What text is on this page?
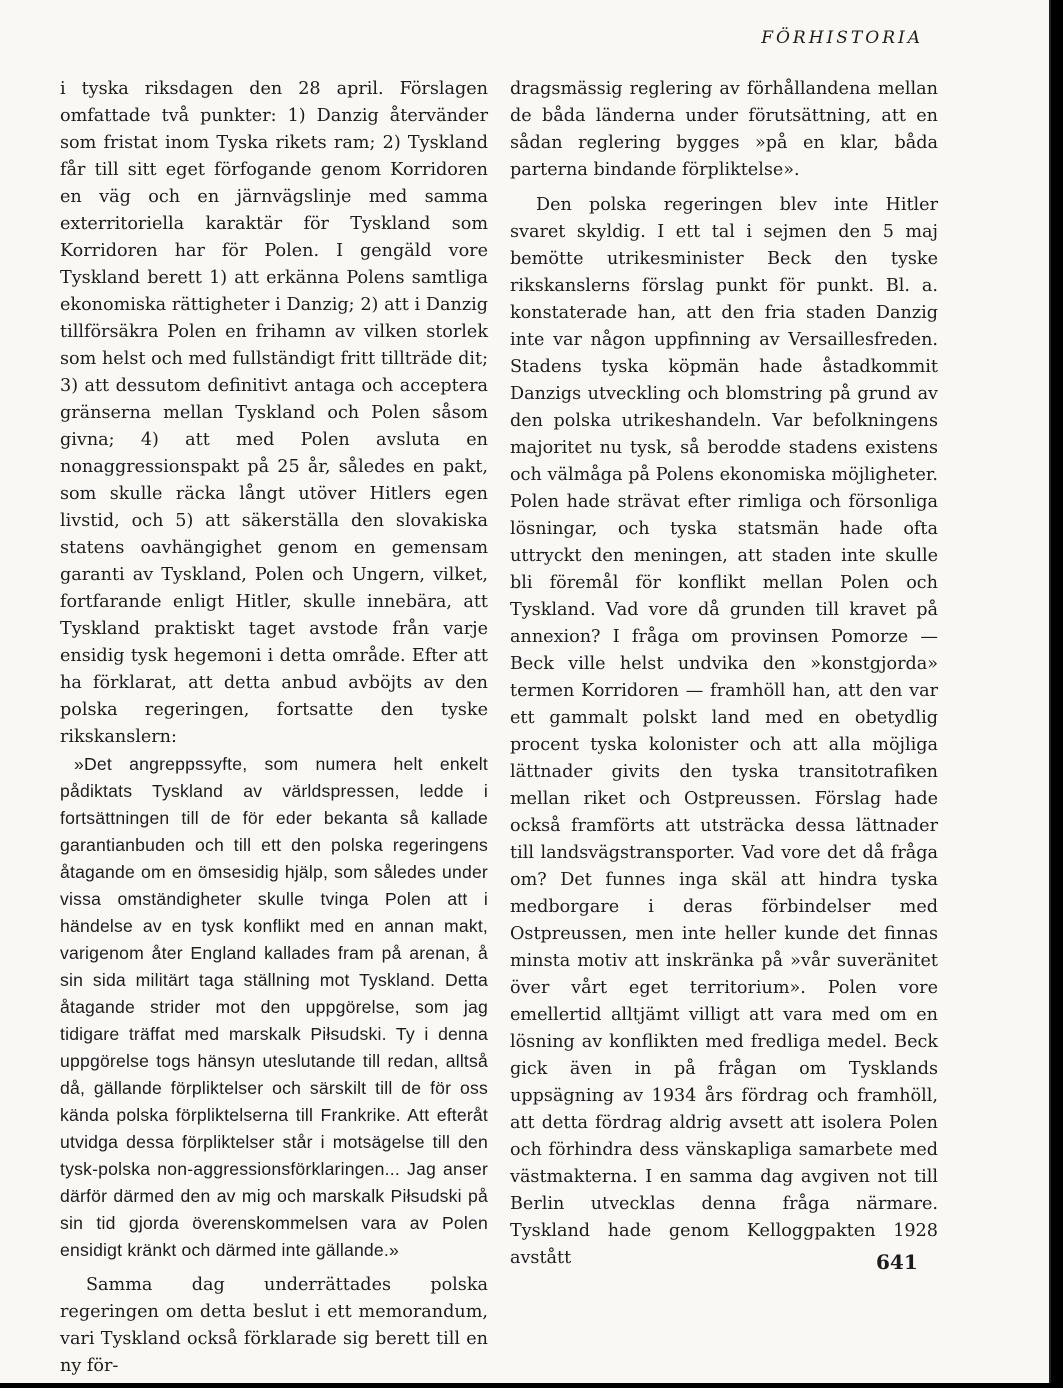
FÖRHISTORIA

i tyska riksdagen den 28 april. Förslagen omfattade två punkter: 1) Danzig återvänder som fristat inom Tyska rikets ram; 2) Tyskland får till sitt eget förfogande genom Korridoren en väg och en järnvägslinje med samma exterritoriella karaktär för Tyskland som Korridoren har för Polen. I gengäld vore Tyskland berett 1) att erkänna Polens samtliga ekonomiska rättigheter i Danzig; 2) att i Danzig tillförsäkra Polen en frihamn av vilken storlek som helst och med fullständigt fritt tillträde dit; 3) att dessutom definitivt antaga och acceptera gränserna mellan Tyskland och Polen såsom givna; 4) att med Polen avsluta en nonaggressionspakt på 25 år, således en pakt, som skulle räcka långt utöver Hitlers egen livstid, och 5) att säkerställa den slovakiska statens oavhängighet genom en gemensam garanti av Tyskland, Polen och Ungern, vilket, fortfarande enligt Hitler, skulle innebära, att Tyskland praktiskt taget avstode från varje ensidig tysk hegemoni i detta område. Efter att ha förklarat, att detta anbud avböjts av den polska regeringen, fortsatte den tyske rikskanslern:

»Det angreppssyfte, som numera helt enkelt pådiktats Tyskland av världspressen, ledde i fortsättningen till de för eder bekanta så kallade garantianbuden och till ett den polska regeringens åtagande om en ömsesidig hjälp, som således under vissa omständigheter skulle tvinga Polen att i händelse av en tysk konflikt med en annan makt, varigenom åter England kallades fram på arenan, å sin sida militärt taga ställning mot Tyskland. Detta åtagande strider mot den uppgörelse, som jag tidigare träffat med marskalk Piłsudski. Ty i denna uppgörelse togs hänsyn uteslutande till redan, alltså då, gällande förpliktelser och särskilt till de för oss kända polska förpliktelserna till Frankrike. Att efteråt utvidga dessa förpliktelser står i motsägelse till den tysk-polska non-aggressionsförklaringen... Jag anser därför därmed den av mig och marskalk Piłsudski på sin tid gjorda överenskommelsen vara av Polen ensidigt kränkt och därmed inte gällande.»

Samma dag underrättades polska regeringen om detta beslut i ett memorandum, vari Tyskland också förklarade sig berett till en ny för-

dragsmässig reglering av förhållandena mellan de båda länderna under förutsättning, att en sådan reglering bygges »på en klar, båda parterna bindande förpliktelse».

Den polska regeringen blev inte Hitler svaret skyldig. I ett tal i sejmen den 5 maj bemötte utrikesminister Beck den tyske rikskanslerns förslag punkt för punkt. Bl. a. konstaterade han, att den fria staden Danzig inte var någon uppfinning av Versaillesfreden. Stadens tyska köpmän hade åstadkommit Danzigs utveckling och blomstring på grund av den polska utrikeshandeln. Var befolkningens majoritet nu tysk, så berodde stadens existens och välmåga på Polens ekonomiska möjligheter. Polen hade strävat efter rimliga och försonliga lösningar, och tyska statsmän hade ofta uttryckt den meningen, att staden inte skulle bli föremål för konflikt mellan Polen och Tyskland. Vad vore då grunden till kravet på annexion? I fråga om provinsen Pomorze — Beck ville helst undvika den »konstgjorda» termen Korridoren — framhöll han, att den var ett gammalt polskt land med en obetydlig procent tyska kolonister och att alla möjliga lättnader givits den tyska transitotrafiken mellan riket och Ostpreussen. Förslag hade också framförts att utsträcka dessa lättnader till landsvägstransporter. Vad vore det då fråga om? Det funnes inga skäl att hindra tyska medborgare i deras förbindelser med Ostpreussen, men inte heller kunde det finnas minsta motiv att inskränka på »vår suveränitet över vårt eget territorium». Polen vore emellertid alltjämt villigt att vara med om en lösning av konflikten med fredliga medel. Beck gick även in på frågan om Tysklands uppsägning av 1934 års fördrag och framhöll, att detta fördrag aldrig avsett att isolera Polen och förhindra dess vänskapliga samarbete med västmakterna. I en samma dag avgiven not till Berlin utvecklas denna fråga närmare. Tyskland hade genom Kelloggpakten 1928 avstått	641
